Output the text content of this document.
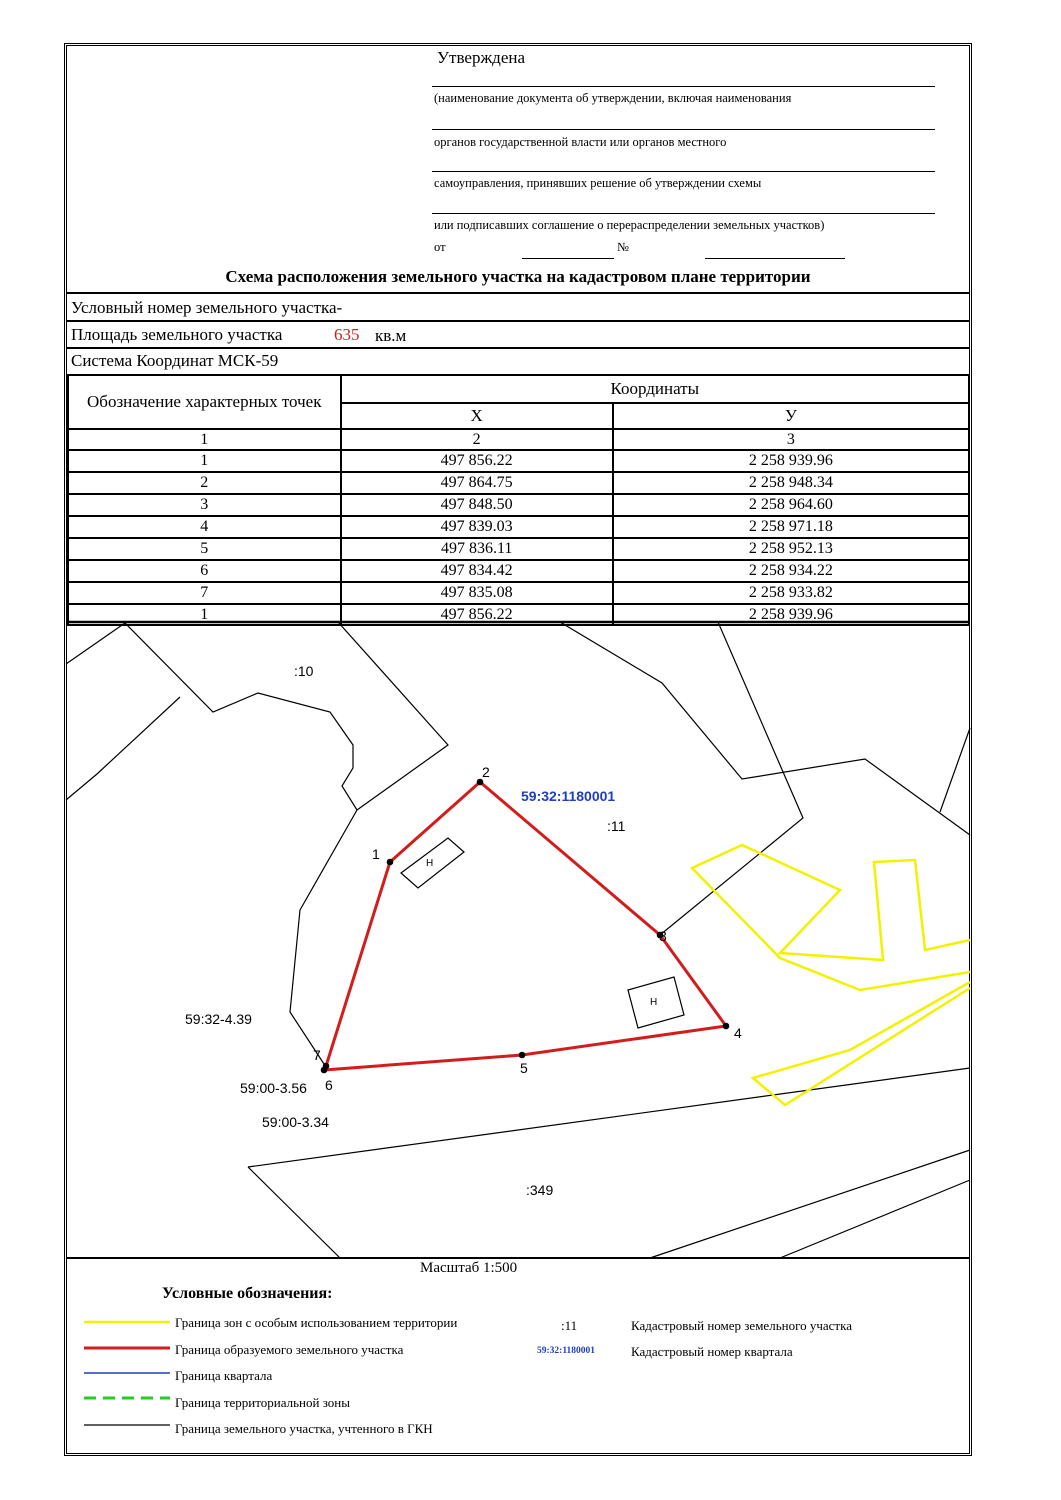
Утверждена
(наименование документа об утверждении, включая наименования
органов государственной власти или органов местного
самоуправления, принявших решение об утверждении схемы
или подписавших соглашение о перераспределении земельных участков)
от	№
Схема расположения земельного участка на кадастровом плане территории
Условный номер земельного участка-
Площадь земельного участка	635 кв.м
Система Координат МСК-59
Обозначение характерных точек	Координаты	
	Х	У
1	2	3
1	497 856.22	2 258 939.96
2	497 864.75	2 258 948.34
3	497 848.50	2 258 964.60
4	497 839.03	2 258 971.18
5	497 836.11	2 258 952.13
6	497 834.42	2 258 934.22
7	497 835.08	2 258 933.82
1	497 856.22	2 258 939.96
:10
:11
:349
59:32:1180001
59:32-4.39
59:00-3.56
59:00-3.34
Н
Н
1
2
3
4
5
6
7
Масштаб 1:500
Условные обозначения:
Граница зон с особым использованием территории
Граница образуемого земельного участка
Граница квартала
Граница территориальной зоны
Граница земельного участка, учтенного в ГКН
:11	Кадастровый номер земельного участка
59:32:1180001	Кадастровый номер квартала
